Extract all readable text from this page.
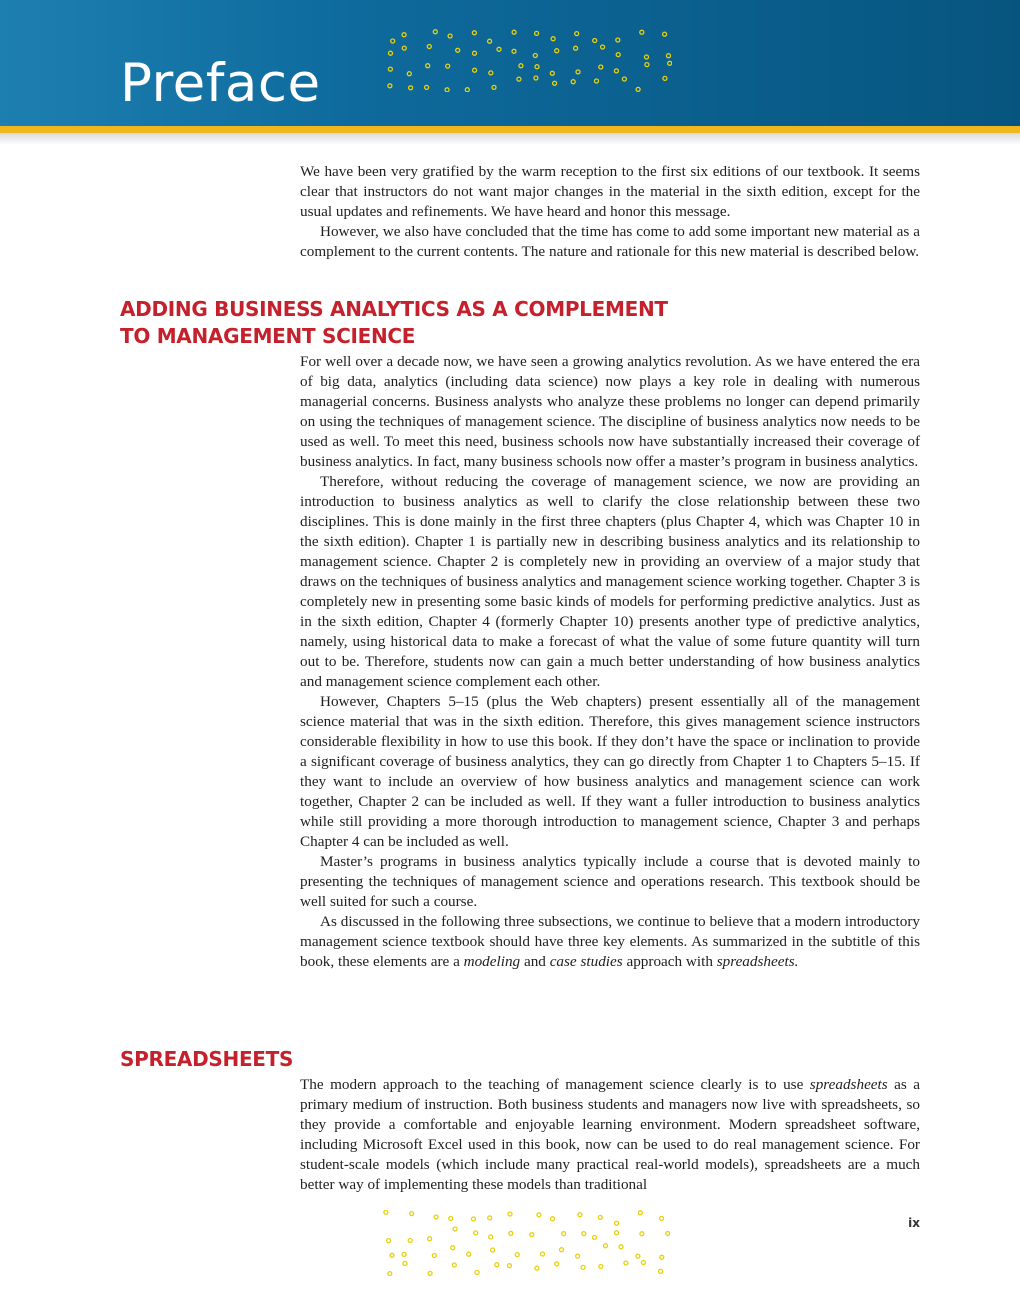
Preface

We have been very gratified by the warm reception to the first six editions of our textbook. It seems clear that instructors do not want major changes in the material in the sixth edition, except for the usual updates and refinements. We have heard and honor this message.

However, we also have concluded that the time has come to add some important new material as a complement to the current contents. The nature and rationale for this new material is described below.

ADDING BUSINESS ANALYTICS AS A COMPLEMENT
TO MANAGEMENT SCIENCE

For well over a decade now, we have seen a growing analytics revolution. As we have entered the era of big data, analytics (including data science) now plays a key role in dealing with numerous managerial concerns. Business analysts who analyze these problems no longer can depend primarily on using the techniques of management science. The discipline of business analytics now needs to be used as well. To meet this need, business schools now have substantially increased their coverage of business analytics. In fact, many business schools now offer a master’s program in business analytics.

Therefore, without reducing the coverage of management science, we now are providing an introduction to business analytics as well to clarify the close relationship between these two disciplines. This is done mainly in the first three chapters (plus Chapter 4, which was Chapter 10 in the sixth edition). Chapter 1 is partially new in describing business analytics and its relationship to management science. Chapter 2 is completely new in providing an overview of a major study that draws on the techniques of business analytics and management science working together. Chapter 3 is completely new in presenting some basic kinds of models for performing predictive analytics. Just as in the sixth edition, Chapter 4 (formerly Chapter 10) presents another type of predictive analytics, namely, using historical data to make a forecast of what the value of some future quantity will turn out to be. Therefore, students now can gain a much better understanding of how business analytics and management science complement each other.

However, Chapters 5–15 (plus the Web chapters) present essentially all of the management science material that was in the sixth edition. Therefore, this gives management science instructors considerable flexibility in how to use this book. If they don’t have the space or inclination to provide a significant coverage of business analytics, they can go directly from Chapter 1 to Chapters 5–15. If they want to include an overview of how business analytics and management science can work together, Chapter 2 can be included as well. If they want a fuller introduction to business analytics while still providing a more thorough introduction to management science, Chapter 3 and perhaps Chapter 4 can be included as well.

Master’s programs in business analytics typically include a course that is devoted mainly to presenting the techniques of management science and operations research. This textbook should be well suited for such a course.

As discussed in the following three subsections, we continue to believe that a modern introductory management science textbook should have three key elements. As summarized in the subtitle of this book, these elements are a modeling and case studies approach with spreadsheets.

SPREADSHEETS

The modern approach to the teaching of management science clearly is to use spreadsheets as a primary medium of instruction. Both business students and managers now live with spreadsheets, so they provide a comfortable and enjoyable learning environment. Modern spreadsheet software, including Microsoft Excel used in this book, now can be used to do real management science. For student-scale models (which include many practical real-world models), spreadsheets are a much better way of implementing these models than traditional

ix
